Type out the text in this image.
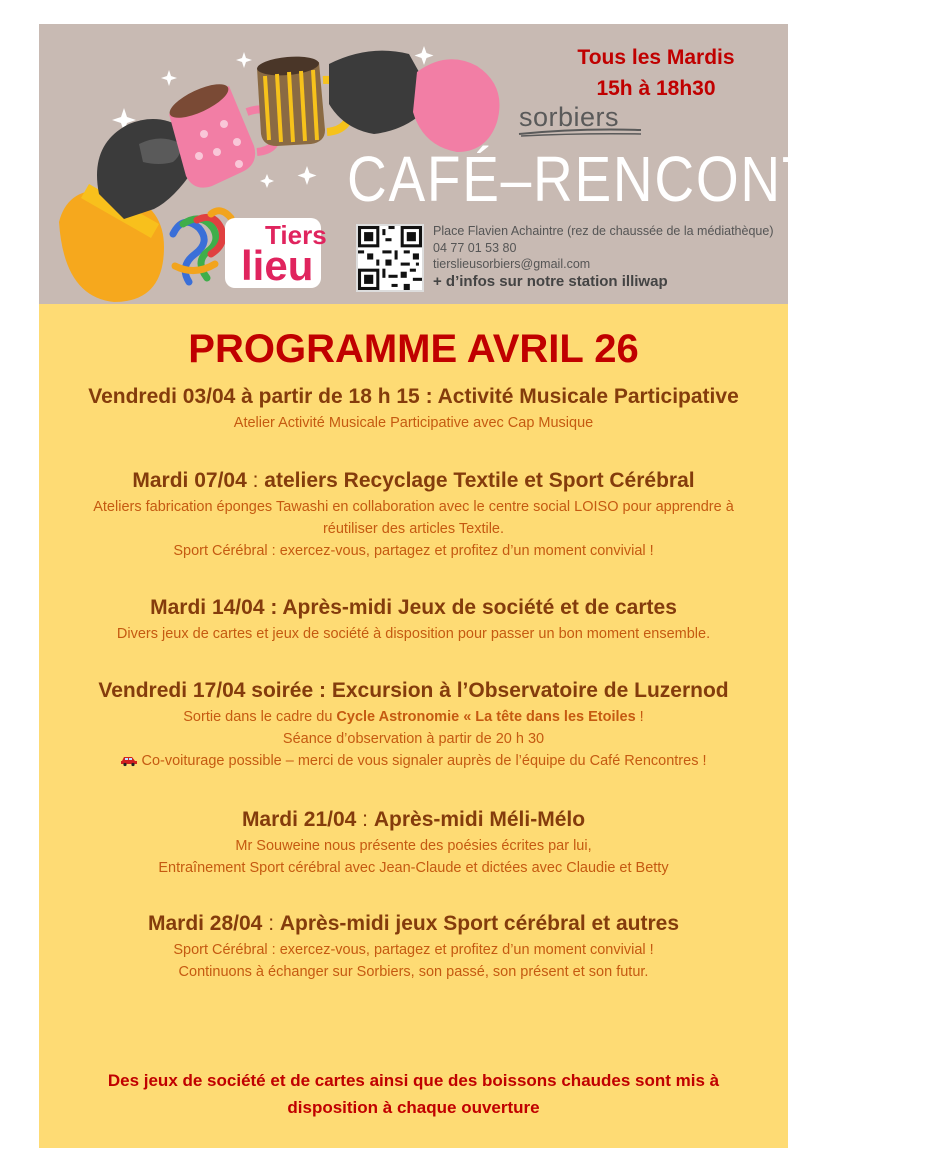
Tous les Mardis
15h à 18h30
sorbiers
CAFÉ–RENCONTRES
Tiers
lieu
Place Flavien Achaintre (rez de chaussée de la médiathèque)
04 77 01 53 80
tierslieusorbiers@gmail.com
+ d’infos sur notre station illiwap
PROGRAMME AVRIL 26
Vendredi 03/04 à partir de 18 h 15 : Activité Musicale Participative

Atelier Activité Musicale Participative avec Cap Musique

Mardi 07/04 : ateliers Recyclage Textile et Sport Cérébral

Ateliers fabrication éponges Tawashi en collaboration avec le centre social LOISO pour apprendre à

réutiliser des articles Textile.

Sport Cérébral : exercez-vous, partagez et profitez d’un moment convivial !

Mardi 14/04 : Après-midi Jeux de société et de cartes

Divers jeux de cartes et jeux de société à disposition pour passer un bon moment ensemble.

Vendredi 17/04 soirée : Excursion à l’Observatoire de Luzernod

Sortie dans le cadre du Cycle Astronomie « La tête dans les Etoiles !

Séance d’observation à partir de 20 h 30

Co-voiturage possible – merci de vous signaler auprès de l’équipe du Café Rencontres !

Mardi 21/04 : Après-midi Méli-Mélo

Mr Souweine nous présente des poésies écrites par lui,

Entraînement Sport cérébral avec Jean-Claude et dictées avec Claudie et Betty

Mardi 28/04 : Après-midi jeux Sport cérébral et autres

Sport Cérébral : exercez-vous, partagez et profitez d’un moment convivial !

Continuons à échanger sur Sorbiers, son passé, son présent et son futur.

Des jeux de société et de cartes ainsi que des boissons chaudes sont mis à
disposition à chaque ouverture
